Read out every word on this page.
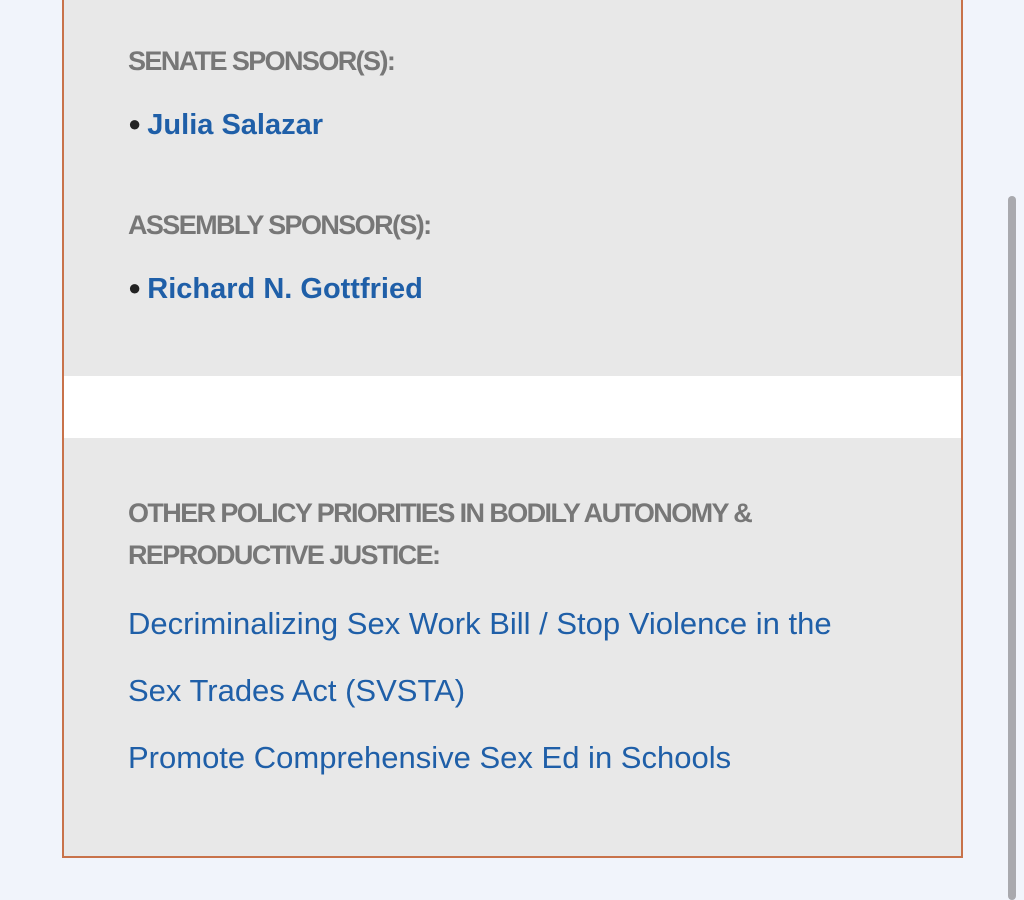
SENATE SPONSOR(S):
● Julia Salazar
ASSEMBLY SPONSOR(S):
● Richard N. Gottfried
OTHER POLICY PRIORITIES IN BODILY AUTONOMY &
REPRODUCTIVE JUSTICE:
Decriminalizing Sex Work Bill / Stop Violence in the
Sex Trades Act (SVSTA)
Promote Comprehensive Sex Ed in Schools
